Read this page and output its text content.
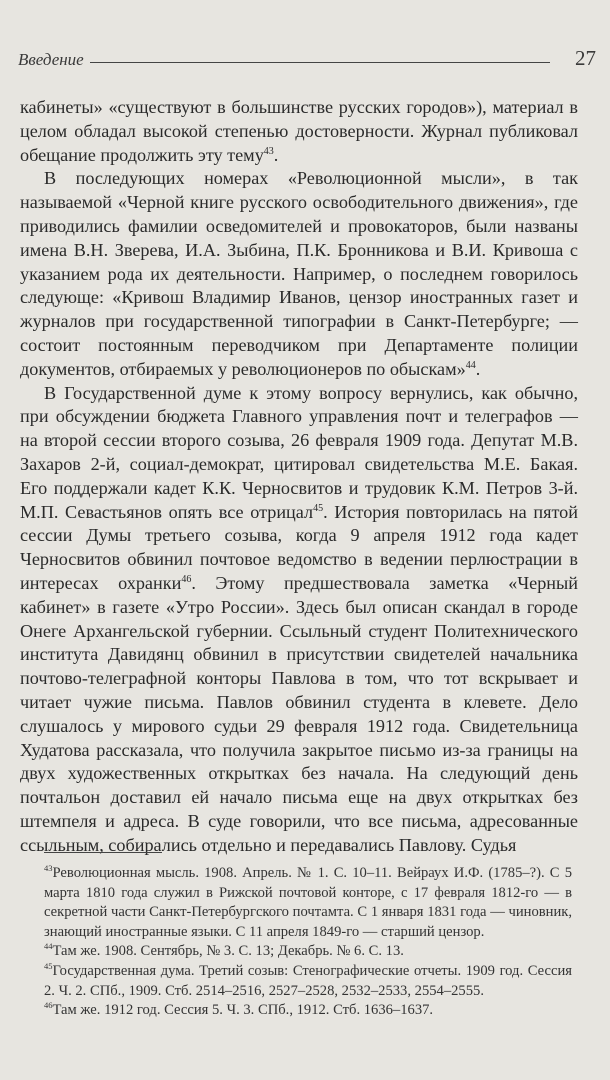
Введение	27

кабинеты» «существуют в большинстве русских городов»), материал в целом обладал высокой степенью достоверности. Журнал публиковал обещание продолжить эту тему$^{43}$.

В последующих номерах «Революционной мысли», в так называемой «Черной книге русского освободительного движения», где приводились фамилии осведомителей и провокаторов, были названы имена В.Н. Зверева, И.А. Зыбина, П.К. Бронникова и В.И. Кривоша с указанием рода их деятельности. Например, о последнем говорилось следующе: «Кривош Владимир Иванов, цензор иностранных газет и журналов при государственной типографии в Санкт-Петербурге; — состоит постоянным переводчиком при Департаменте полиции документов, отбираемых у революционеров по обыскам»$^{44}$.

В Государственной думе к этому вопросу вернулись, как обычно, при обсуждении бюджета Главного управления почт и телеграфов — на второй сессии второго созыва, 26 февраля 1909 года. Депутат М.В. Захаров 2-й, социал-демократ, цитировал свидетельства М.Е. Бакая. Его поддержали кадет К.К. Черносвитов и трудовик К.М. Петров 3-й. М.П. Севастьянов опять все отрицал$^{45}$. История повторилась на пятой сессии Думы третьего созыва, когда 9 апреля 1912 года кадет Черносвитов обвинил почтовое ведомство в ведении перлюстрации в интересах охранки$^{46}$. Этому предшествовала заметка «Черный кабинет» в газете «Утро России». Здесь был описан скандал в городе Онеге Архангельской губернии. Ссыльный студент Политехнического института Давидянц обвинил в присутствии свидетелей начальника почтово-телеграфной конторы Павлова в том, что тот вскрывает и читает чужие письма. Павлов обвинил студента в клевете. Дело слушалось у мирового судьи 29 февраля 1912 года. Свидетельница Худатова рассказала, что получила закрытое письмо из-за границы на двух художественных открытках без начала. На следующий день почтальон доставил ей начало письма еще на двух открытках без штемпеля и адреса. В суде говорили, что все письма, адресованные ссыльным, собирались отдельно и передавались Павлову. Судья

$^{43}$Революционная мысль. 1908. Апрель. № 1. С. 10–11. Вейраух И.Ф. (1785–?). С 5 марта 1810 года служил в Рижской почтовой конторе, с 17 февраля 1812-го — в секретной части Санкт-Петербургского почтамта. С 1 января 1831 года — чиновник, знающий иностранные языки. С 11 апреля 1849-го — старший цензор.

$^{44}$Там же. 1908. Сентябрь, № 3. С. 13; Декабрь. № 6. С. 13.

$^{45}$Государственная дума. Третий созыв: Стенографические отчеты. 1909 год. Сессия 2. Ч. 2. СПб., 1909. Стб. 2514–2516, 2527–2528, 2532–2533, 2554–2555.

$^{46}$Там же. 1912 год. Сессия 5. Ч. 3. СПб., 1912. Стб. 1636–1637.
